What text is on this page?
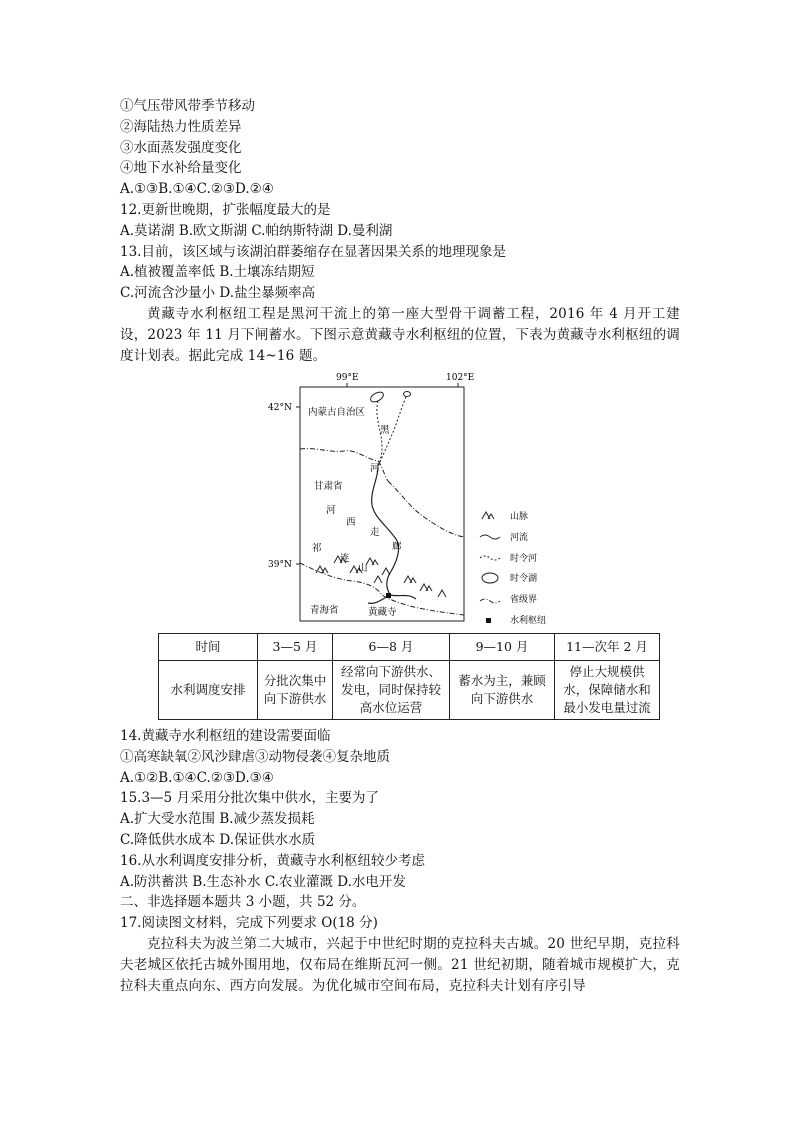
①气压带风带季节移动
②海陆热力性质差异
③水面蒸发强度变化
④地下水补给量变化
A.①③B.①④C.②③D.②④
12.更新世晚期，扩张幅度最大的是
A.莫诺湖 B.欧文斯湖 C.帕纳斯特湖 D.曼利湖
13.目前，该区域与该湖泊群萎缩存在显著因果关系的地理现象是
A.植被覆盖率低 B.土壤冻结期短
C.河流含沙量小 D.盐尘暴频率高
黄藏寺水利枢纽工程是黑河干流上的第一座大型骨干调蓄工程，2016 年 4 月开工建设，2023 年 11 月下闸蓄水。下图示意黄藏寺水利枢纽的位置，下表为黄藏寺水利枢纽的调度计划表。据此完成 14~16 题。
99°E	102°E
42°N
39°N
内蒙古自治区
黑
甘肃省
河
河
西
走
廊
祁
连
山
青海省	黄藏寺
山脉
河流
时令河
时令湖
省级界
水利枢纽
时间	3—5 月	6—8 月	9—10 月	11—次年 2 月
水利调度安排	分批次集中向下游供水	经常向下游供水、发电，同时保持较高水位运营	蓄水为主，兼顾向下游供水	停止大规模供水，保障储水和最小发电量过流
14.黄藏寺水利枢纽的建设需要面临
①高寒缺氧②风沙肆虐③动物侵袭④复杂地质
A.①②B.①④C.②③D.③④
15.3—5 月采用分批次集中供水，主要为了
A.扩大受水范围 B.减少蒸发损耗
C.降低供水成本 D.保证供水水质
16.从水利调度安排分析，黄藏寺水利枢纽较少考虑
A.防洪蓄洪 B.生态补水 C.农业灌溉 D.水电开发
二、非选择题本题共 3 小题，共 52 分。
17.阅读图文材料，完成下列要求 O(18 分)
克拉科夫为波兰第二大城市，兴起于中世纪时期的克拉科夫古城。20 世纪早期，克拉科夫老城区依托古城外围用地，仅布局在维斯瓦河一侧。21 世纪初期，随着城市规模扩大，克拉科夫重点向东、西方向发展。为优化城市空间布局，克拉科夫计划有序引导
